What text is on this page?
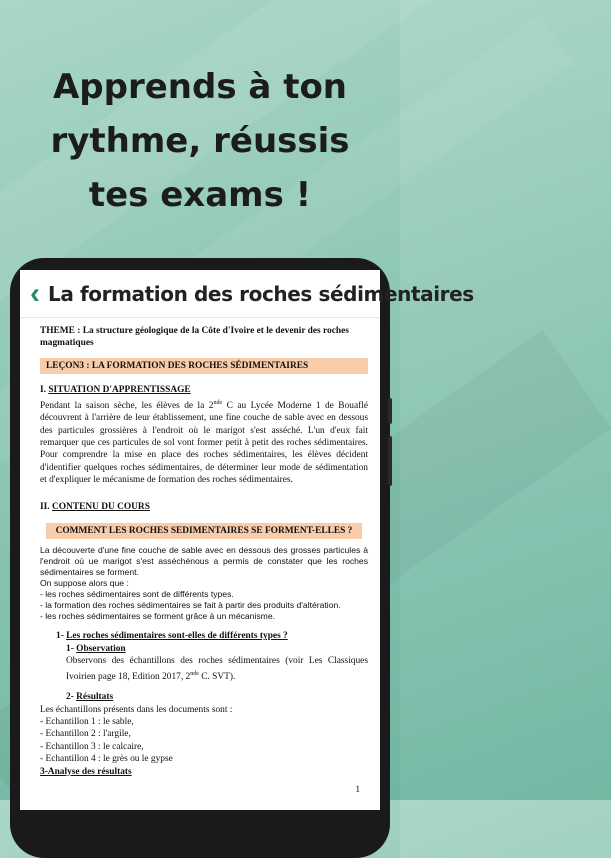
Apprends à ton
rythme, réussis
tes exams !
‹ La formation des roches sédimentaires
THEME : La structure géologique de la Côte d'Ivoire et le devenir des roches magmatiques
LEÇON3 : LA FORMATION DES ROCHES SÉDIMENTAIRES
I. SITUATION D'APPRENTISSAGE
Pendant la saison sèche, les élèves de la 2nde C au Lycée Moderne 1 de Bouaflé découvrent à l'arrière de leur établissement, une fine couche de sable avec en dessous des particules grossières à l'endroit où le marigot s'est asséché. L'un d'eux fait remarquer que ces particules de sol vont former petit à petit des roches sédimentaires. Pour comprendre la mise en place des roches sédimentaires, les élèves décident d'identifier quelques roches sédimentaires, de déterminer leur mode de sédimentation et d'expliquer le mécanisme de formation des roches sédimentaires.
II. CONTENU DU COURS
COMMENT LES ROCHES SEDIMENTAIRES SE FORMENT-ELLES ?
La découverte d'une fine couche de sable avec en dessous des grosses particules à l'endroit où ue marigot s'est asséchénous a permis de constater que les roches sédimentaires se forment.
On suppose alors que :
- les roches sédimentaires sont de différents types.
- la formation des roches sédimentaires se fait à partir des produits d'altération.
- les roches sédimentaires se forment grâce à un mécanisme.
1- Les roches sédimentaires sont-elles de différents types ?
1- Observation
Observons des échantillons des roches sédimentaires (voir Les Classiques Ivoirien page 18, Edition 2017, 2nde C. SVT).
2- Résultats
Les échantillons présents dans les documents sont :
- Echantillon 1 : le sable,
- Echantillon 2 : l'argile,
- Echantillon 3 : le calcaire,
- Echantillon 4 : le grès ou le gypse
3-Analyse des résultats
1
